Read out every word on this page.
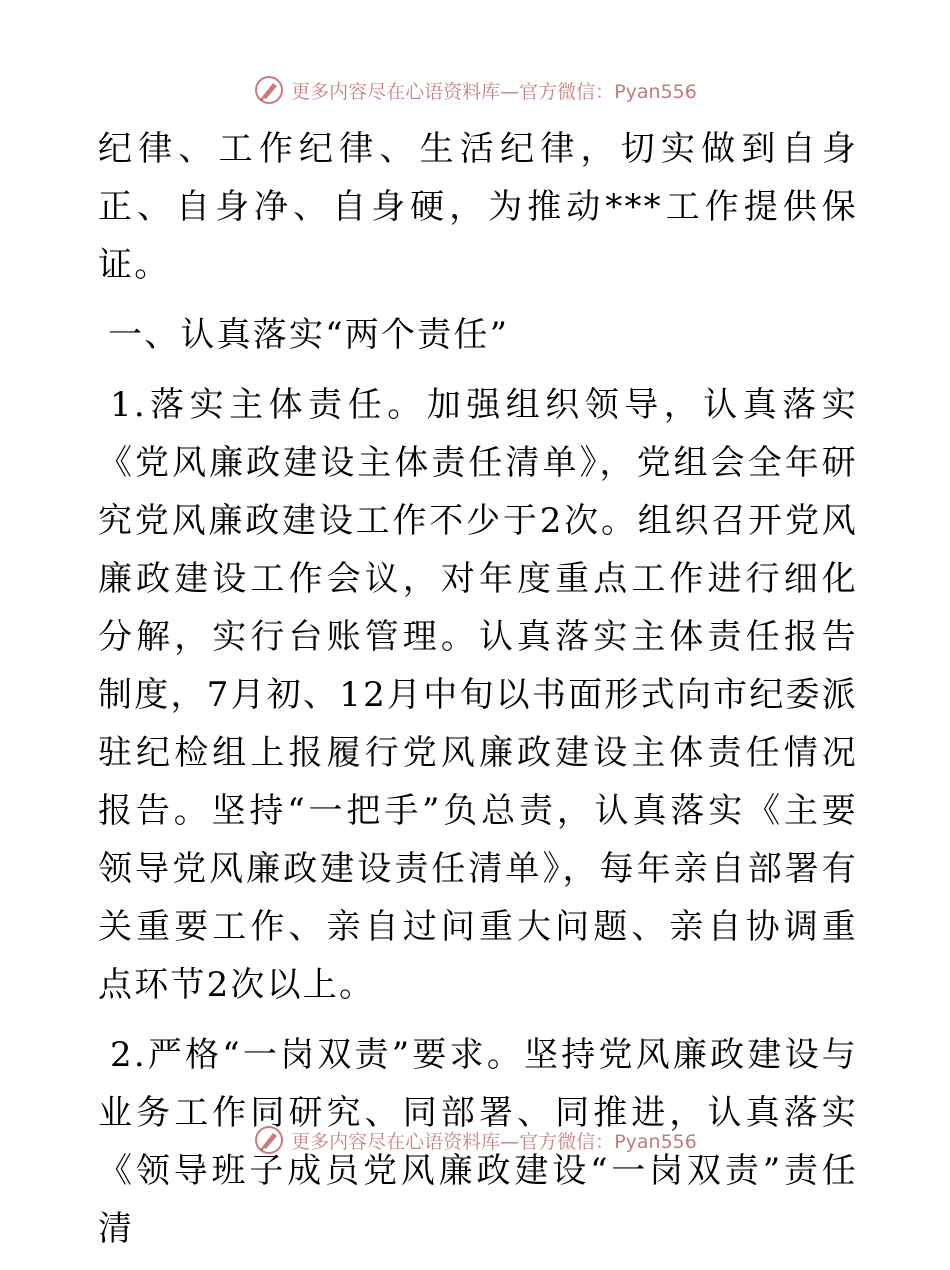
更多内容尽在心语资料库—官方微信：Pyan556

纪律、工作纪律、生活纪律，切实做到自身正、自身净、自身硬，为推动***工作提供保证。

一、认真落实“两个责任”

1.落实主体责任。加强组织领导，认真落实《党风廉政建设主体责任清单》，党组会全年研究党风廉政建设工作不少于2次。组织召开党风廉政建设工作会议，对年度重点工作进行细化分解，实行台账管理。认真落实主体责任报告制度，7月初、12月中旬以书面形式向市纪委派驻纪检组上报履行党风廉政建设主体责任情况报告。坚持“一把手”负总责，认真落实《主要领导党风廉政建设责任清单》，每年亲自部署有关重要工作、亲自过问重大问题、亲自协调重点环节2次以上。

2.严格“一岗双责”要求。坚持党风廉政建设与业务工作同研究、同部署、同推进，认真落实《领导班子成员党风廉政建设“一岗双责”责任清

更多内容尽在心语资料库—官方微信：Pyan556
